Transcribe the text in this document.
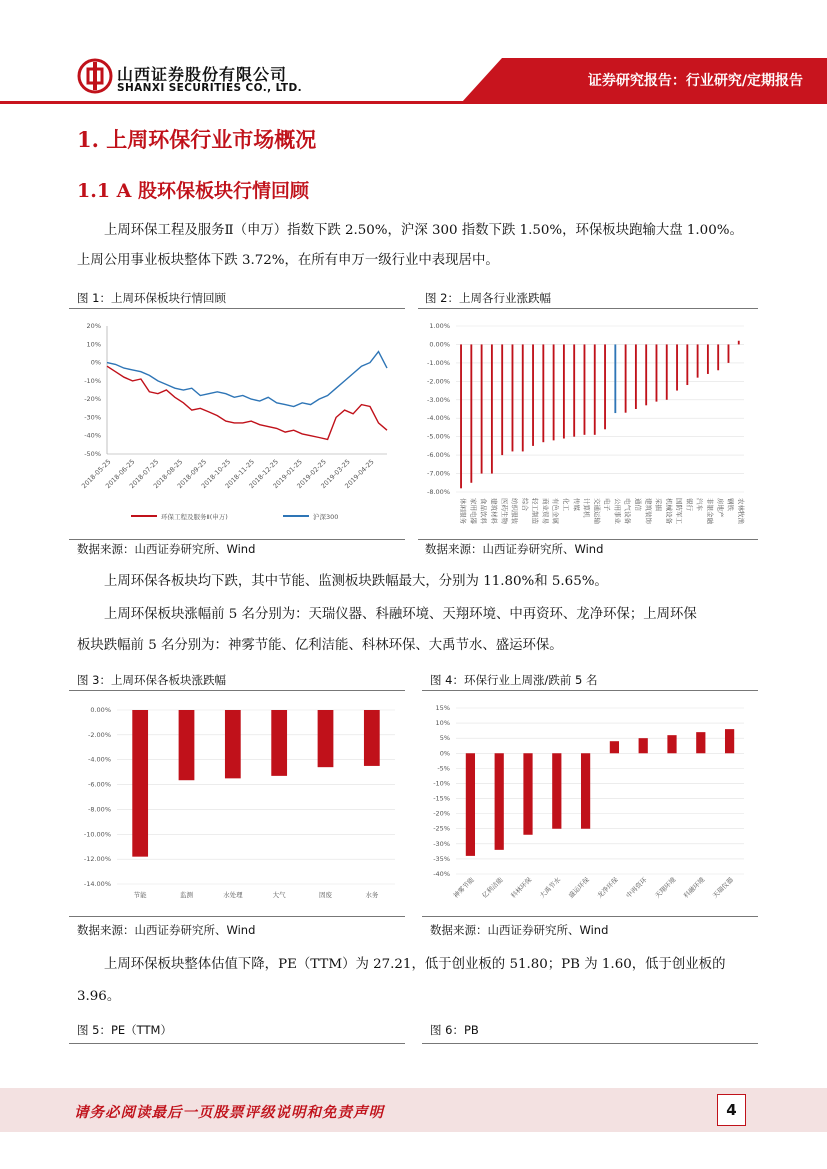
山西证券股份有限公司
SHANXI SECURITIES CO., LTD.	证券研究报告：行业研究/定期报告
1. 上周环保行业市场概况
1.1 A 股环保板块行情回顾
上周环保工程及服务Ⅱ（申万）指数下跌 2.50%，沪深 300 指数下跌 1.50%，环保板块跑输大盘 1.00%。
上周公用事业板块整体下跌 3.72%，在所有申万一级行业中表现居中。
图 1：上周环保板块行情回顾	图 2：上周各行业涨跌幅
20%
10%
0%
-10%
-20%
-30%
-40%
-50%
2018-05-25
2018-06-25
2018-07-25
2018-08-25
2018-09-25
2018-10-25
2018-11-25
2018-12-25
2019-01-25
2019-02-25
2019-03-25
2019-04-25
环保工程及服务Ⅱ(申万)	沪深300
1.00%
0.00%
-1.00%
-2.00%
-3.00%
-4.00%
-5.00%
-6.00%
-7.00%
-8.00%
休闲服务 家用电器 食品饮料 建筑材料 医药生物 纺织服装 综合 轻工制造 商业贸易 有色金属 化工 传媒 计算机 交通运输 电子 公用事业 电气设备 通信 建筑装饰 采掘 机械设备 国防军工 银行 汽车 非银金融 房地产 钢铁 农林牧渔
数据来源：山西证券研究所、Wind	数据来源：山西证券研究所、Wind
上周环保各板块均下跌，其中节能、监测板块跌幅最大，分别为 11.80%和 5.65%。
上周环保板块涨幅前 5 名分别为：天瑞仪器、科融环境、天翔环境、中再资环、龙净环保；上周环保
板块跌幅前 5 名分别为：神雾节能、亿利洁能、科林环保、大禹节水、盛运环保。
图 3：上周环保各板块涨跌幅	图 4：环保行业上周涨/跌前 5 名
0.00%
-2.00%
-4.00%
-6.00%
-8.00%
-10.00%
-12.00%
-14.00%
节能	监测	水处理	大气	固废	水务
15%
10%
5%
0%
-5%
-10%
-15%
-20%
-25%
-30%
-35%
-40%
神雾节能 亿利洁能 科林环保 大禹节水 盛运环保 龙净环保 中再资环 天翔环境 科融环境 天瑞仪器
数据来源：山西证券研究所、Wind	数据来源：山西证券研究所、Wind
上周环保板块整体估值下降，PE（TTM）为 27.21，低于创业板的 51.80；PB 为 1.60，低于创业板的
3.96。
图 5：PE（TTM）	图 6：PB
请务必阅读最后一页股票评级说明和免责声明	4
